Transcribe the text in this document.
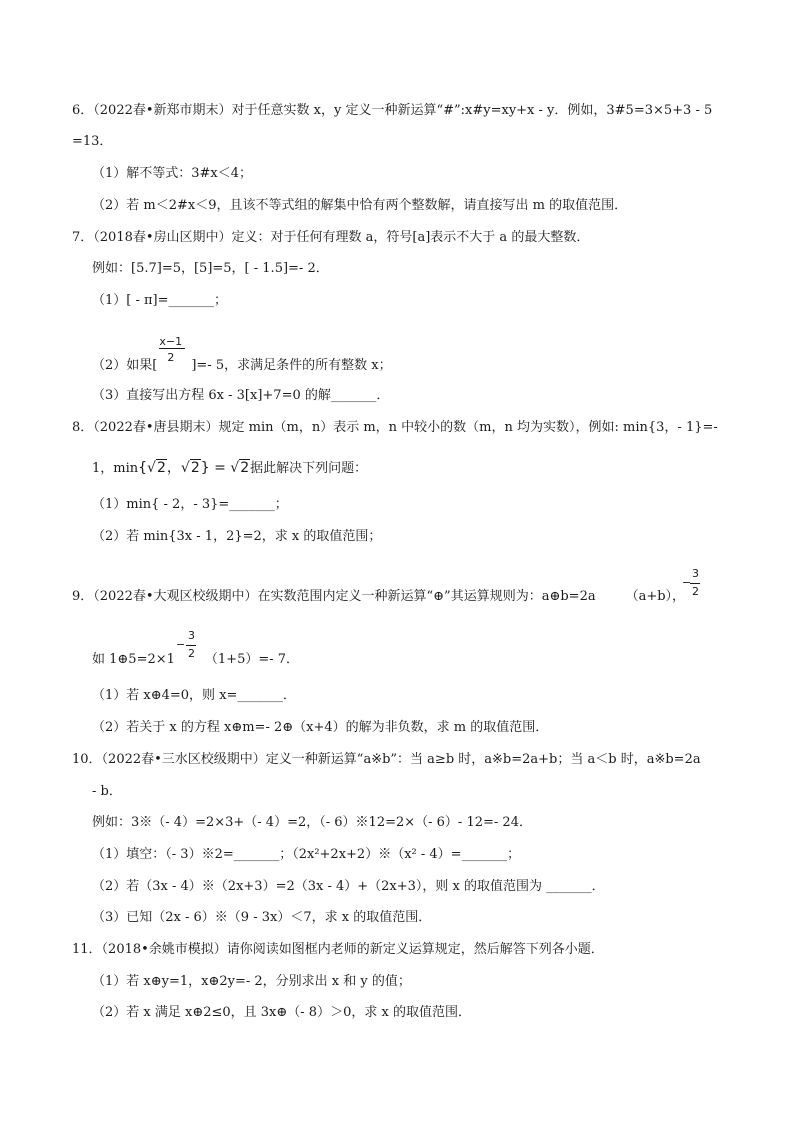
6．（2022春•新郑市期末）对于任意实数 x，y 定义一种新运算“#”:x#y=xy+x - y．例如，3#5=3×5+3 - 5
=13．
（1）解不等式：3#x＜4；
（2）若 m＜2#x＜9，且该不等式组的解集中恰有两个整数解，请直接写出 m 的取值范围．
7．（2018春•房山区期中）定义：对于任何有理数 a，符号[a]表示不大于 a 的最大整数．
例如：[5.7]=5，[5]=5，[ - 1.5]=- 2．
（1）[ - π]=_______；
（2）如果[ $\frac{x-1}{2}$ ]=- 5，求满足条件的所有整数 x；
（3）直接写出方程 6x - 3[x]+7=0 的解_______．
8．（2022春•唐县期末）规定 min（m，n）表示 m，n 中较小的数（m，n 均为实数），例如: min{3，- 1}=-
1，min{√2，√2} = √2据此解决下列问题：
（1）min{ - 2，- 3}=_______；
（2）若 min{3x - 1，2}=2，求 x 的取值范围；
9．（2022春•大观区校级期中）在实数范围内定义一种新运算“⊕”其运算规则为：a⊕b=2a （a+b），
−
3
2
如 1⊕5=2×1 （1+5）=- 7．
−
3
2
（1）若 x⊕4=0，则 x=_______．
（2）若关于 x 的方程 x⊕m=- 2⊕（x+4）的解为非负数，求 m 的取值范围．
10．（2022春•三水区校级期中）定义一种新运算“a※b”：当 a≥b 时，a※b=2a+b；当 a＜b 时，a※b=2a
- b．
例如：3※（- 4）=2×3+（- 4）=2，（- 6）※12=2×（- 6）- 12=- 24．
（1）填空：（- 3）※2=_______；（2x²+2x+2）※（x² - 4）=_______；
（2）若（3x - 4）※（2x+3）=2（3x - 4）+（2x+3），则 x 的取值范围为 _______．
（3）已知（2x - 6）※（9 - 3x）＜7，求 x 的取值范围．
11．（2018•余姚市模拟）请你阅读如图框内老师的新定义运算规定，然后解答下列各小题．
（1）若 x⊕y=1，x⊕2y=- 2，分别求出 x 和 y 的值；
（2）若 x 满足 x⊕2≤0，且 3x⊕（- 8）＞0，求 x 的取值范围．
